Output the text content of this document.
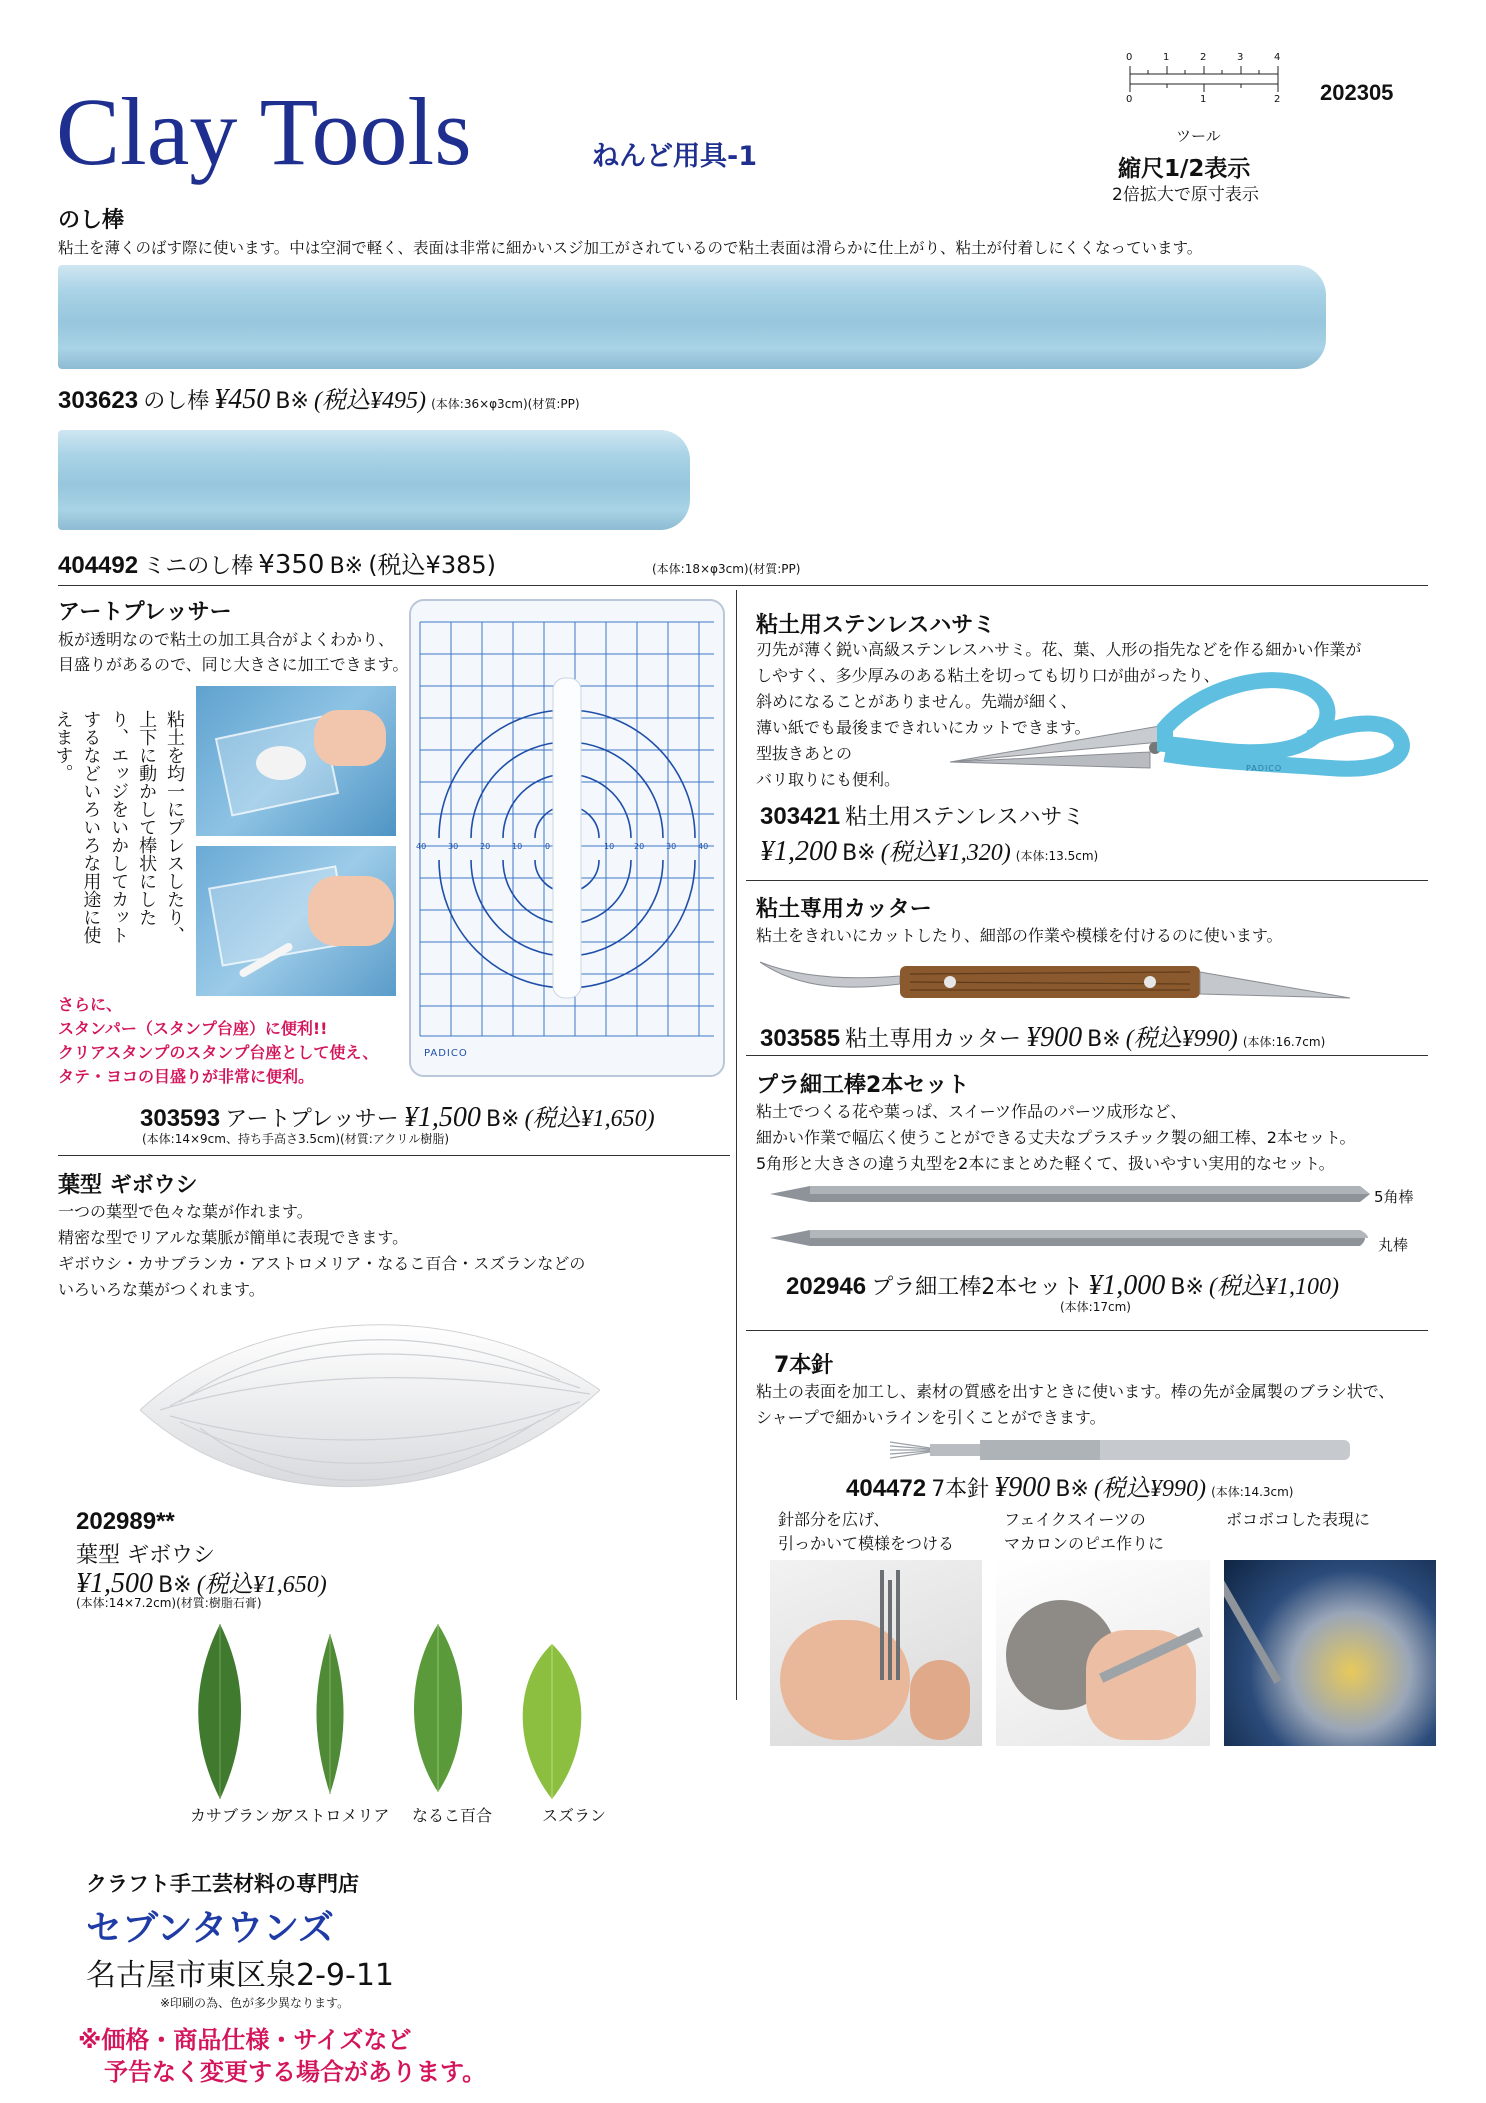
Clay Tools	ねんど用具-1
0	1	2	3	4
0	1	2 202305
ツール
縮尺1/2表示
2倍拡大で原寸表示
のし棒
粘土を薄くのばす際に使います。中は空洞で軽く、表面は非常に細かいスジ加工がされているので粘土表面は滑らかに仕上がり、粘土が付着しにくくなっています。
303623 のし棒 ¥450 B※ (税込¥495) (本体:36×φ3cm)(材質:PP)
404492 ミニのし棒 ¥350 B※ (税込¥385)	(本体:18×φ3cm)(材質:PP)
アートプレッサー
板が透明なので粘土の加工具合がよくわかり、
目盛りがあるので、同じ大きさに加工できます。
粘土を均一にプレスしたり、上下に動かして棒状にしたり、エッジをいかしてカットするなどいろいろな用途に使えます。
40	30	20	10	0	10 20	30	40
PADICO
さらに、
スタンパー（スタンプ台座）に便利!!
クリアスタンプのスタンプ台座として使え、
タテ・ヨコの目盛りが非常に便利。
303593 アートプレッサー ¥1,500 B※ (税込¥1,650)
(本体:14×9cm、持ち手高さ3.5cm)(材質:アクリル樹脂)
葉型 ギボウシ
一つの葉型で色々な葉が作れます。
精密な型でリアルな葉脈が簡単に表現できます。
ギボウシ・カサブランカ・アストロメリア・なるこ百合・スズランなどの
いろいろな葉がつくれます。
202989**
葉型 ギボウシ
¥1,500 B※ (税込¥1,650)
(本体:14×7.2cm)(材質:樹脂石膏)
カサブランカ
アストロメリア なるこ百合	スズラン
粘土用ステンレスハサミ
刃先が薄く鋭い高級ステンレスハサミ。花、葉、人形の指先などを作る細かい作業が
しやすく、多少厚みのある粘土を切っても切り口が曲がったり、
斜めになることがありません。先端が細く、
薄い紙でも最後まできれいにカットできます。
型抜きあとの
バリ取りにも便利。
PADICO
303421 粘土用ステンレスハサミ
¥1,200 B※ (税込¥1,320) (本体:13.5cm)
粘土専用カッター
粘土をきれいにカットしたり、細部の作業や模様を付けるのに使います。
303585 粘土専用カッター ¥900 B※ (税込¥990) (本体:16.7cm)
プラ細工棒2本セット
粘土でつくる花や葉っぱ、スイーツ作品のパーツ成形など、
細かい作業で幅広く使うことができる丈夫なプラスチック製の細工棒、2本セット。
5角形と大きさの違う丸型を2本にまとめた軽くて、扱いやすい実用的なセット。
5角棒
丸棒
202946 プラ細工棒2本セット ¥1,000 B※ (税込¥1,100)
(本体:17cm)
7本針
粘土の表面を加工し、素材の質感を出すときに使います。棒の先が金属製のブラシ状で、
シャープで細かいラインを引くことができます。
404472 7本針 ¥900 B※ (税込¥990) (本体:14.3cm)
針部分を広げ、
引っかいて模様をつける
フェイクスイーツの
マカロンのピエ作りに
ボコボコした表現に
クラフト手工芸材料の専門店
セブンタウンズ
名古屋市東区泉2-9-11
※印刷の為、色が多少異なります。
※価格・商品仕様・サイズなど
予告なく変更する場合があります。
